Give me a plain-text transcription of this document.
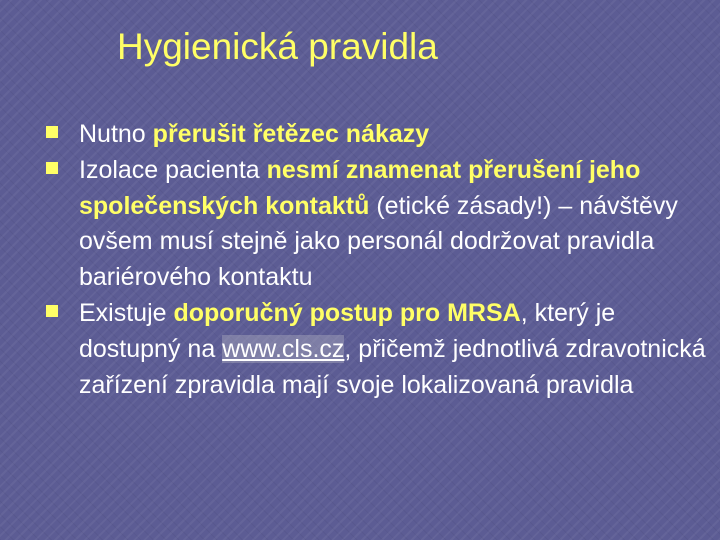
Hygienická pravidla
Nutno přerušit řetězec nákazy
Izolace pacienta nesmí znamenat přerušení jeho společenských kontaktů (etické zásady!) – návštěvy ovšem musí stejně jako personál dodržovat pravidla bariérového kontaktu
Existuje doporučný postup pro MRSA, který je dostupný na www.cls.cz, přičemž jednotlivá zdravotnická zařízení zpravidla mají svoje lokalizovaná pravidla
